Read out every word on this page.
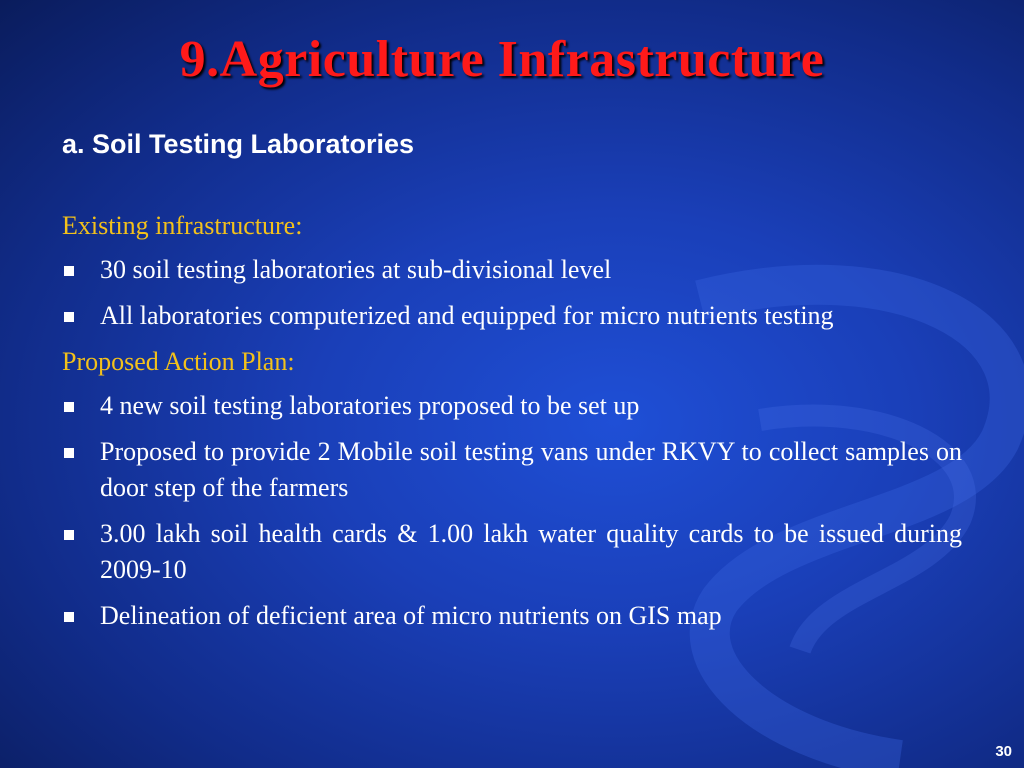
9.Agriculture Infrastructure
a. Soil Testing Laboratories
Existing infrastructure:
30 soil testing laboratories at sub-divisional level
All laboratories computerized and equipped for micro nutrients testing
Proposed Action Plan:
4 new soil testing laboratories proposed to be set up
Proposed to provide 2 Mobile soil testing vans under RKVY to collect samples on door step of the farmers
3.00 lakh soil health cards & 1.00 lakh water quality cards to be issued during 2009-10
Delineation of deficient area of micro nutrients on GIS map
30
